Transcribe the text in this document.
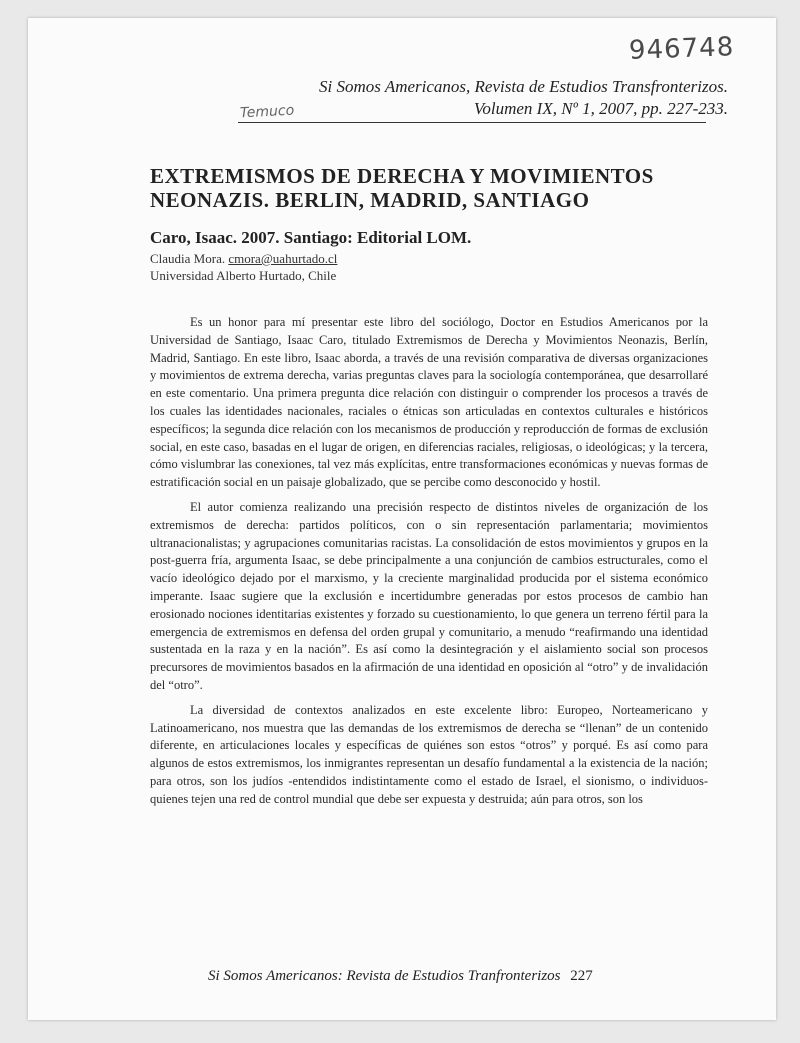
946748
Si Somos Americanos, Revista de Estudios Transfronterizos.
Volumen IX, Nº 1, 2007, pp. 227-233.
Temuco
EXTREMISMOS DE DERECHA Y MOVIMIENTOS NEONAZIS. BERLIN, MADRID, SANTIAGO
Caro, Isaac. 2007. Santiago: Editorial LOM.
Claudia Mora. cmora@uahurtado.cl
Universidad Alberto Hurtado, Chile

Es un honor para mí presentar este libro del sociólogo, Doctor en Estudios Americanos por la Universidad de Santiago, Isaac Caro, titulado Extremismos de Derecha y Movimientos Neonazis, Berlín, Madrid, Santiago. En este libro, Isaac aborda, a través de una revisión comparativa de diversas organizaciones y movimientos de extrema derecha, varias preguntas claves para la sociología contemporánea, que desarrollaré en este comentario. Una primera pregunta dice relación con distinguir o comprender los procesos a través de los cuales las identidades nacionales, raciales o étnicas son articuladas en contextos culturales e históricos específicos; la segunda dice relación con los mecanismos de producción y reproducción de formas de exclusión social, en este caso, basadas en el lugar de origen, en diferencias raciales, religiosas, o ideológicas; y la tercera, cómo vislumbrar las conexiones, tal vez más explícitas, entre transformaciones económicas y nuevas formas de estratificación social en un paisaje globalizado, que se percibe como desconocido y hostil.

El autor comienza realizando una precisión respecto de distintos niveles de organización de los extremismos de derecha: partidos políticos, con o sin representación parlamentaria; movimientos ultranacionalistas; y agrupaciones comunitarias racistas. La consolidación de estos movimientos y grupos en la post-guerra fría, argumenta Isaac, se debe principalmente a una conjunción de cambios estructurales, como el vacío ideológico dejado por el marxismo, y la creciente marginalidad producida por el sistema económico imperante. Isaac sugiere que la exclusión e incertidumbre generadas por estos procesos de cambio han erosionado nociones identitarias existentes y forzado su cuestionamiento, lo que genera un terreno fértil para la emergencia de extremismos en defensa del orden grupal y comunitario, a menudo “reafirmando una identidad sustentada en la raza y en la nación”. Es así como la desintegración y el aislamiento social son procesos precursores de movimientos basados en la afirmación de una identidad en oposición al “otro” y de invalidación del “otro”.

La diversidad de contextos analizados en este excelente libro: Europeo, Norteamericano y Latinoamericano, nos muestra que las demandas de los extremismos de derecha se “llenan” de un contenido diferente, en articulaciones locales y específicas de quiénes son estos “otros” y porqué. Es así como para algunos de estos extremismos, los inmigrantes representan un desafío fundamental a la existencia de la nación; para otros, son los judíos -entendidos indistintamente como el estado de Israel, el sionismo, o individuos- quienes tejen una red de control mundial que debe ser expuesta y destruida; aún para otros, son los

Si Somos Americanos: Revista de Estudios Tranfronterizos 227
